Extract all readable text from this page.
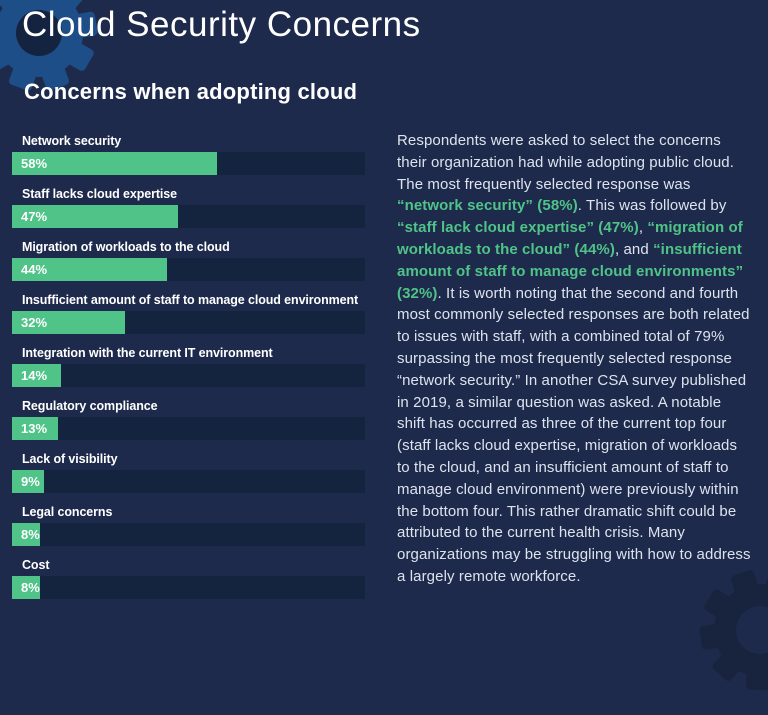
Cloud Security Concerns
Concerns when adopting cloud
Network security
58%
Staff lacks cloud expertise
47%
Migration of workloads to the cloud
44%
Insufficient amount of staff to manage cloud environment
32%
Integration with the current IT environment
14%
Regulatory compliance
13%
Lack of visibility
9%
Legal concerns
8%
Cost
8%

Respondents were asked to select the concerns their organization had while adopting public cloud. The most frequently selected response was “network security” (58%). This was followed by “staff lack cloud expertise” (47%), “migration of workloads to the cloud” (44%), and “insufficient amount of staff to manage cloud environments” (32%). It is worth noting that the second and fourth most commonly selected responses are both related to issues with staff, with a combined total of 79% surpassing the most frequently selected response “network security.” In another CSA survey published in 2019, a similar question was asked. A notable shift has occurred as three of the current top four (staff lacks cloud expertise, migration of workloads to the cloud, and an insufficient amount of staff to manage cloud environment) were previously within the bottom four. This rather dramatic shift could be attributed to the current health crisis. Many organizations may be struggling with how to address a largely remote workforce.
